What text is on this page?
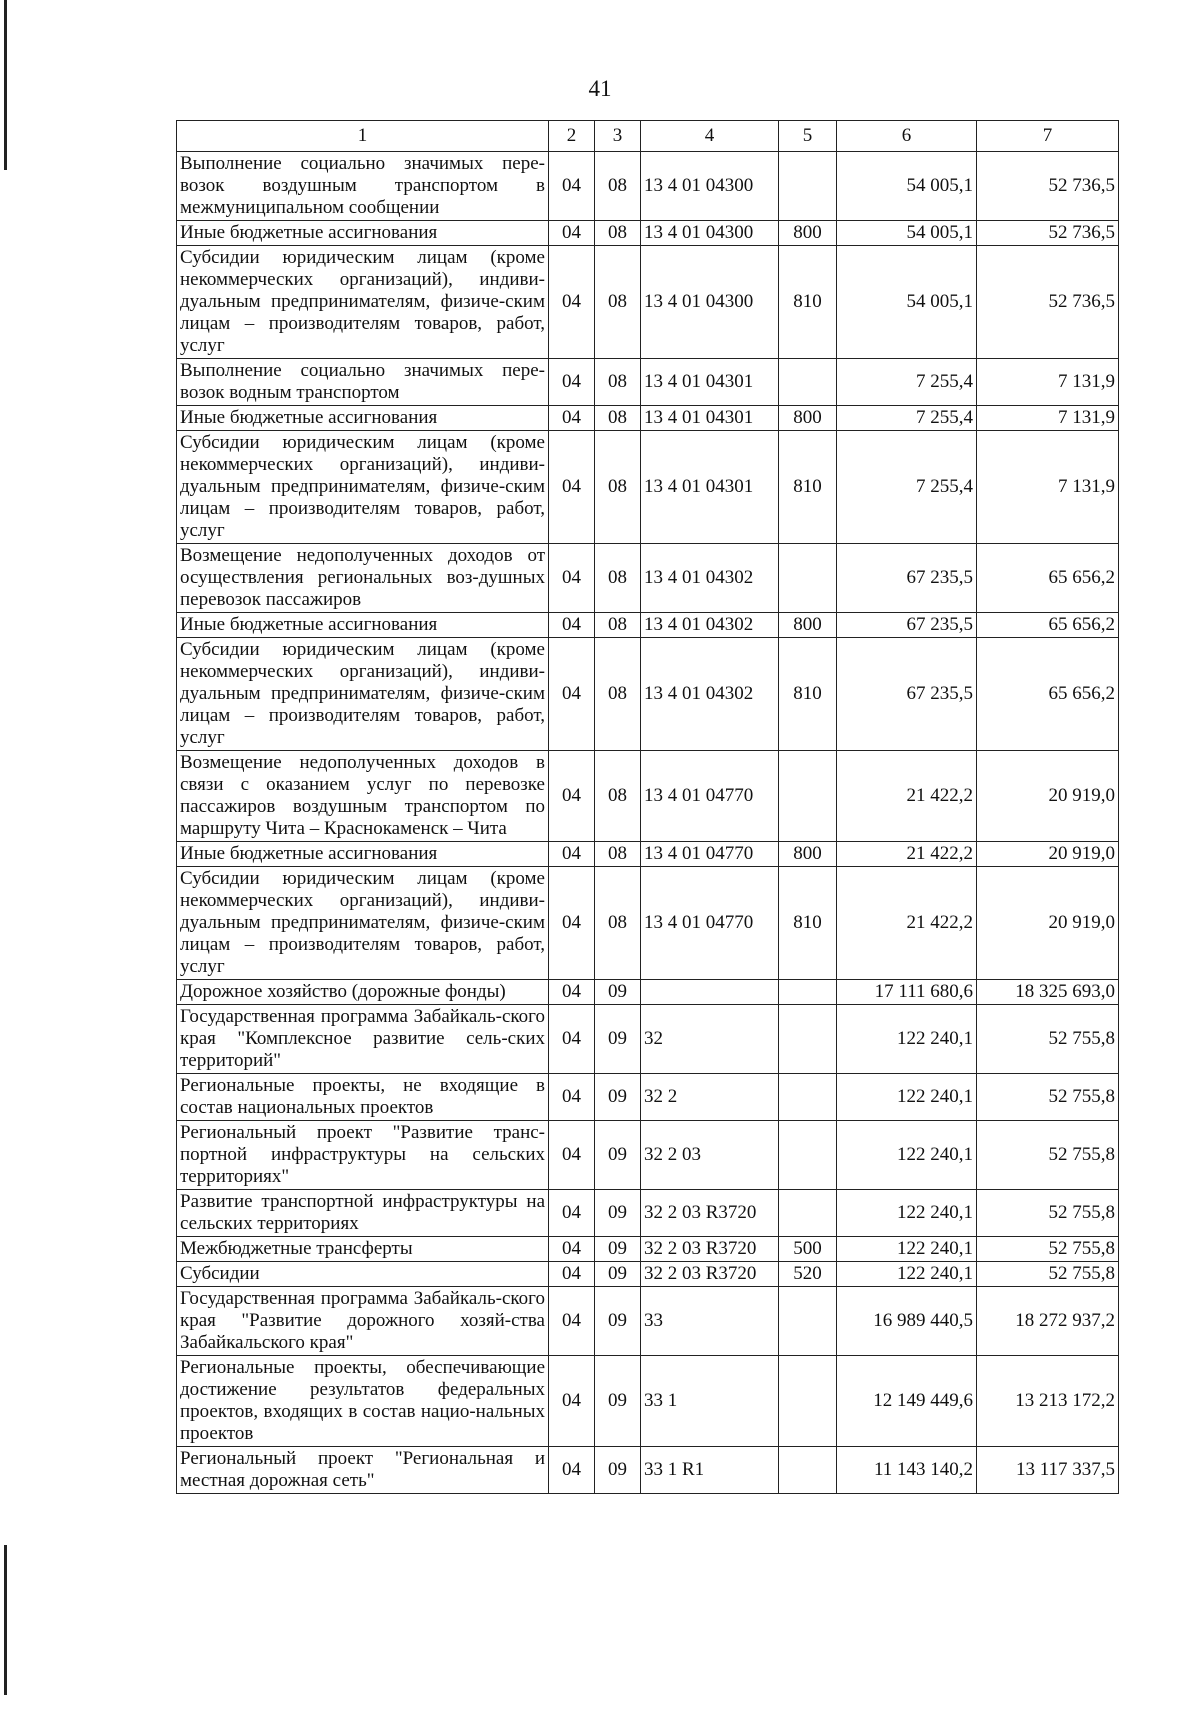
41
1	2	3	4	5	6	7
Выполнение социально значимых пере-возок воздушным транспортом в межмуниципальном сообщении	04	08	13 4 01 04300		54 005,1	52 736,5
Иные бюджетные ассигнования	04	08	13 4 01 04300	800	54 005,1	52 736,5
Субсидии юридическим лицам (кроме некоммерческих организаций), индиви-дуальным предпринимателям, физиче-ским лицам – производителям товаров, работ, услуг	04	08	13 4 01 04300	810	54 005,1	52 736,5
Выполнение социально значимых пере-возок водным транспортом	04	08	13 4 01 04301		7 255,4	7 131,9
Иные бюджетные ассигнования	04	08	13 4 01 04301	800	7 255,4	7 131,9
Субсидии юридическим лицам (кроме некоммерческих организаций), индиви-дуальным предпринимателям, физиче-ским лицам – производителям товаров, работ, услуг	04	08	13 4 01 04301	810	7 255,4	7 131,9
Возмещение недополученных доходов от осуществления региональных воз-душных перевозок пассажиров	04	08	13 4 01 04302		67 235,5	65 656,2
Иные бюджетные ассигнования	04	08	13 4 01 04302	800	67 235,5	65 656,2
Субсидии юридическим лицам (кроме некоммерческих организаций), индиви-дуальным предпринимателям, физиче-ским лицам – производителям товаров, работ, услуг	04	08	13 4 01 04302	810	67 235,5	65 656,2
Возмещение недополученных доходов в связи с оказанием услуг по перевозке пассажиров воздушным транспортом по маршруту Чита – Краснокаменск – Чита	04	08	13 4 01 04770		21 422,2	20 919,0
Иные бюджетные ассигнования	04	08	13 4 01 04770	800	21 422,2	20 919,0
Субсидии юридическим лицам (кроме некоммерческих организаций), индиви-дуальным предпринимателям, физиче-ским лицам – производителям товаров, работ, услуг	04	08	13 4 01 04770	810	21 422,2	20 919,0
Дорожное хозяйство (дорожные фонды)	04	09			17 111 680,6	18 325 693,0
Государственная программа Забайкаль-ского края "Комплексное развитие сель-ских территорий"	04	09	32		122 240,1	52 755,8
Региональные проекты, не входящие в состав национальных проектов	04	09	32 2		122 240,1	52 755,8
Региональный проект "Развитие транс-портной инфраструктуры на сельских территориях"	04	09	32 2 03		122 240,1	52 755,8
Развитие транспортной инфраструктуры на сельских территориях	04	09	32 2 03 R3720		122 240,1	52 755,8
Межбюджетные трансферты	04	09	32 2 03 R3720	500	122 240,1	52 755,8
Субсидии	04	09	32 2 03 R3720	520	122 240,1	52 755,8
Государственная программа Забайкаль-ского края "Развитие дорожного хозяй-ства Забайкальского края"	04	09	33		16 989 440,5	18 272 937,2
Региональные проекты, обеспечивающие достижение результатов федеральных проектов, входящих в состав нацио-нальных проектов	04	09	33 1		12 149 449,6	13 213 172,2
Региональный проект "Региональная и местная дорожная сеть"	04	09	33 1 R1		11 143 140,2	13 117 337,5
